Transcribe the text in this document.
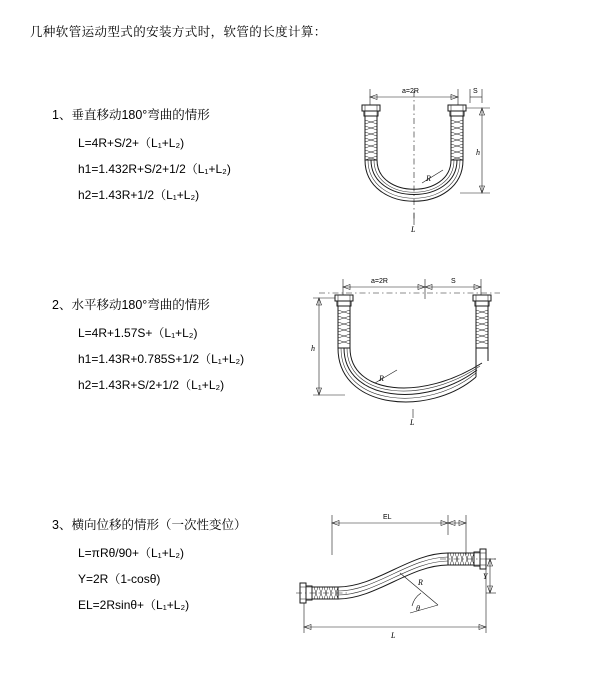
几种软管运动型式的安装方式时，软管的长度计算：
1、垂直移动180°弯曲的情形
L=4R+S/2+（L₁+L₂)
h1=1.432R+S/2+1/2（L₁+L₂)
h2=1.43R+1/2（L₁+L₂)
a=2R
R
L
h
S
2、水平移动180°弯曲的情形
L=4R+1.57S+（L₁+L₂)
h1=1.43R+0.785S+1/2（L₁+L₂)
h2=1.43R+S/2+1/2（L₁+L₂)
a=2R	S
R
L
h
3、横向位移的情形（一次性变位）
L=πRθ/90+（L₁+L₂)
Y=2R（1-cosθ)
EL=2Rsinθ+（L₁+L₂)
EL
R
θ
Y
L
